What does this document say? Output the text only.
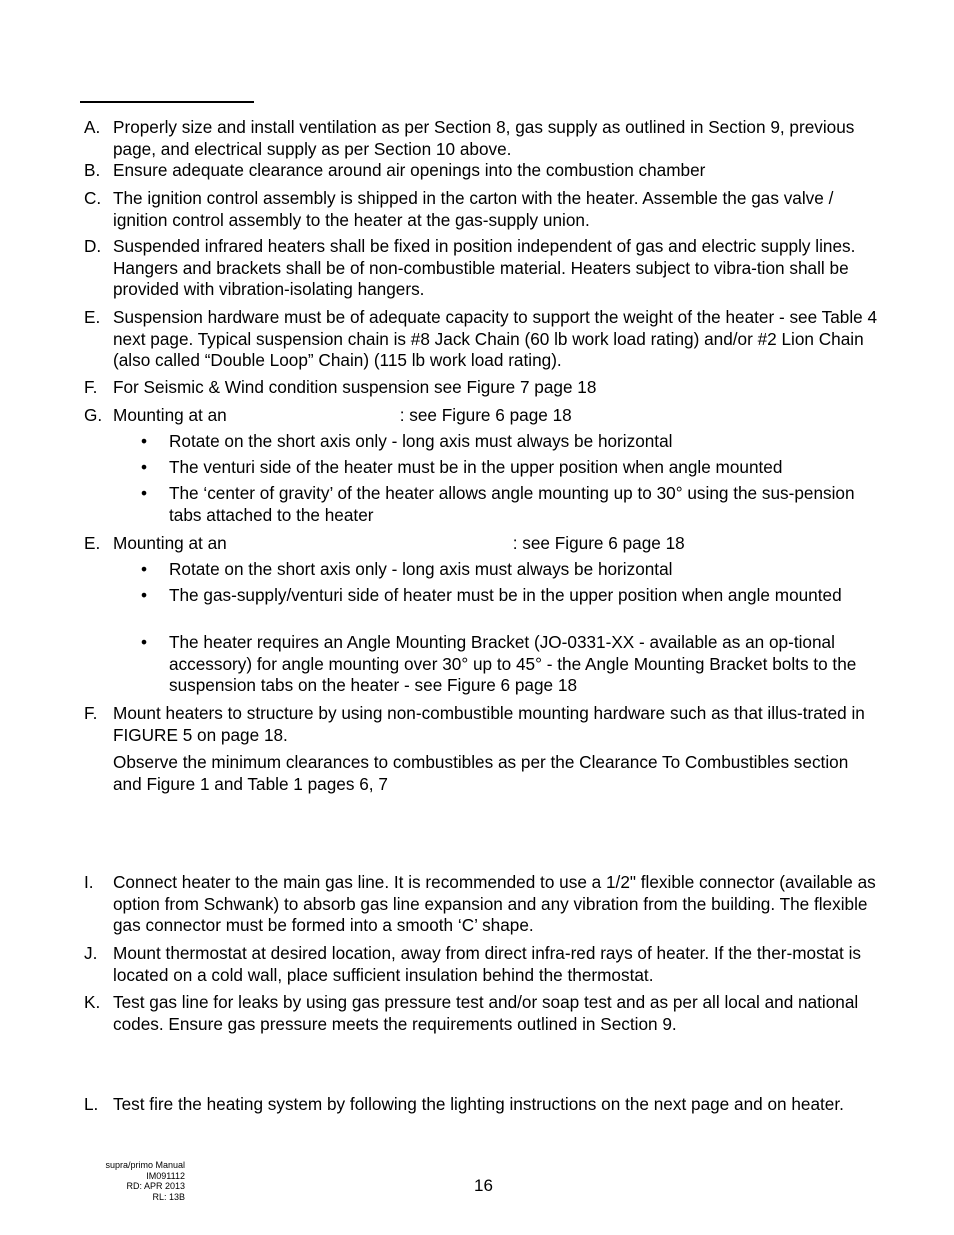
A. Properly size and install ventilation as per Section 8, gas supply as outlined in Section 9, previous page, and electrical supply as per Section 10 above.
B. Ensure adequate clearance around air openings into the combustion chamber
C. The ignition control assembly is shipped in the carton with the heater. Assemble the gas valve / ignition control assembly to the heater at the gas-supply union.
D. Suspended infrared heaters shall be fixed in position independent of gas and electric supply lines. Hangers and brackets shall be of non-combustible material. Heaters subject to vibra-tion shall be provided with vibration-isolating hangers.
E. Suspension hardware must be of adequate capacity to support the weight of the heater - see Table 4 next page. Typical suspension chain is #8 Jack Chain (60 lb work load rating) and/or #2 Lion Chain (also called “Double Loop” Chain) (115 lb work load rating).
F. For Seismic & Wind condition suspension see Figure 7 page 18
G. Mounting at an	: see Figure 6 page 18
• Rotate on the short axis only - long axis must always be horizontal
• The venturi side of the heater must be in the upper position when angle mounted
• The ‘center of gravity’ of the heater allows angle mounting up to 30° using the sus-pension tabs attached to the heater
E. Mounting at an	: see Figure 6 page 18
• Rotate on the short axis only - long axis must always be horizontal
• The gas-supply/venturi side of heater must be in the upper position when angle mounted
• The heater requires an Angle Mounting Bracket (JO-0331-XX - available as an op-tional accessory) for angle mounting over 30° up to 45° - the Angle Mounting Bracket bolts to the suspension tabs on the heater - see Figure 6 page 18
F. Mount heaters to structure by using non-combustible mounting hardware such as that illus-trated in FIGURE 5 on page 18.
Observe the minimum clearances to combustibles as per the Clearance To Combustibles section and Figure 1 and Table 1 pages 6, 7
I. Connect heater to the main gas line. It is recommended to use a 1/2" flexible connector (available as option from Schwank) to absorb gas line expansion and any vibration from the building. The flexible gas connector must be formed into a smooth ‘C’ shape.
J. Mount thermostat at desired location, away from direct infra-red rays of heater. If the ther-mostat is located on a cold wall, place sufficient insulation behind the thermostat.
K. Test gas line for leaks by using gas pressure test and/or soap test and as per all local and national codes. Ensure gas pressure meets the requirements outlined in Section 9.
L. Test fire the heating system by following the lighting instructions on the next page and on heater.
supra/primo Manual
IM091112
RD: APR 2013
RL: 13B
16
